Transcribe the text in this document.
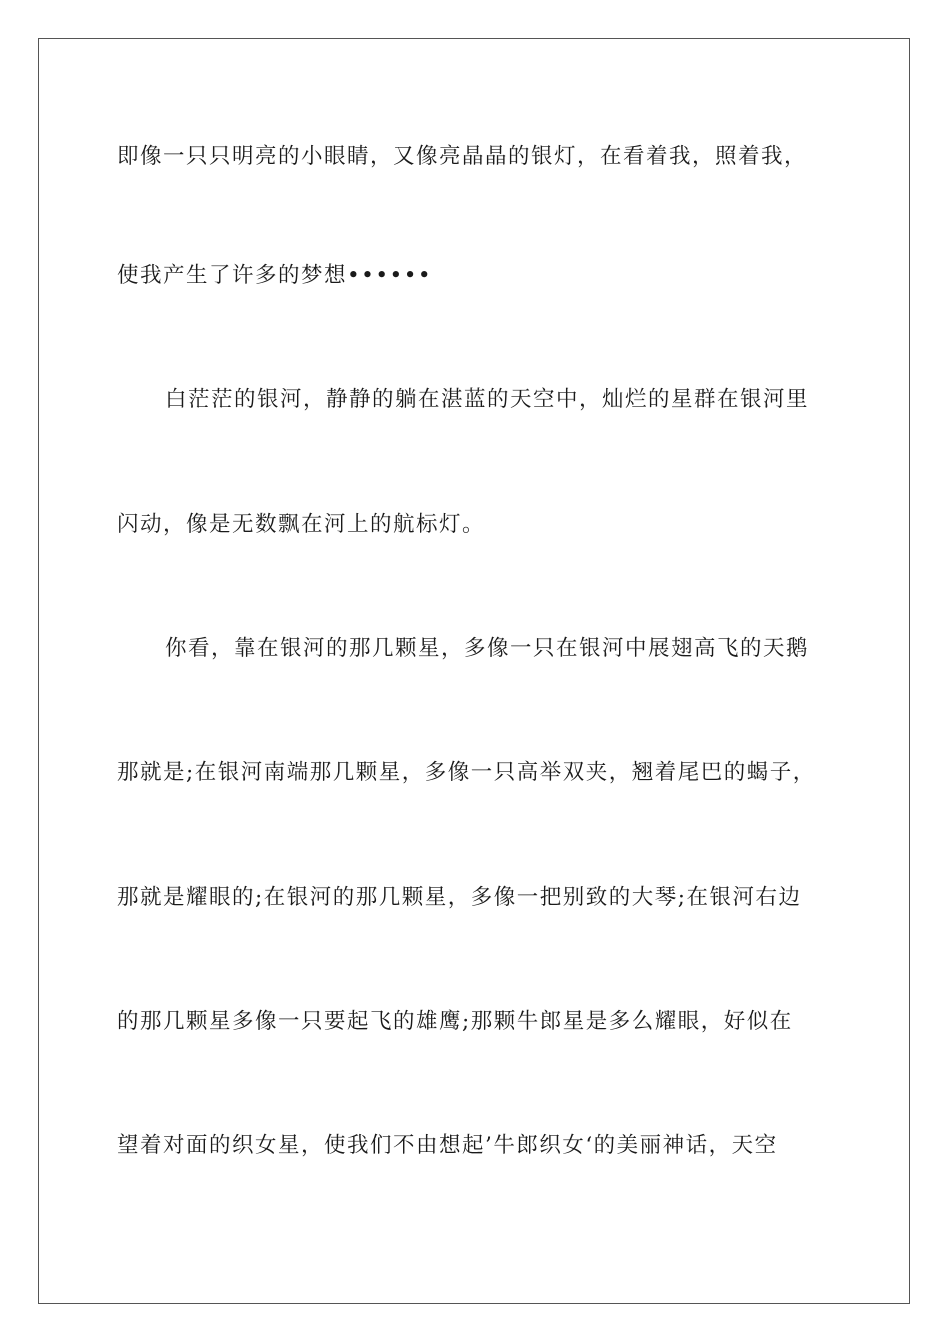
即像一只只明亮的小眼睛，又像亮晶晶的银灯，在看着我，照着我，
使我产生了许多的梦想••••••
白茫茫的银河，静静的躺在湛蓝的天空中，灿烂的星群在银河里
闪动，像是无数飘在河上的航标灯。
你看，靠在银河的那几颗星，多像一只在银河中展翅高飞的天鹅
那就是;在银河南端那几颗星，多像一只高举双夹，翘着尾巴的蝎子，
那就是耀眼的;在银河的那几颗星，多像一把别致的大琴;在银河右边
的那几颗星多像一只要起飞的雄鹰;那颗牛郎星是多么耀眼，好似在
望着对面的织女星，使我们不由想起’牛郎织女‘的美丽神话，天空
